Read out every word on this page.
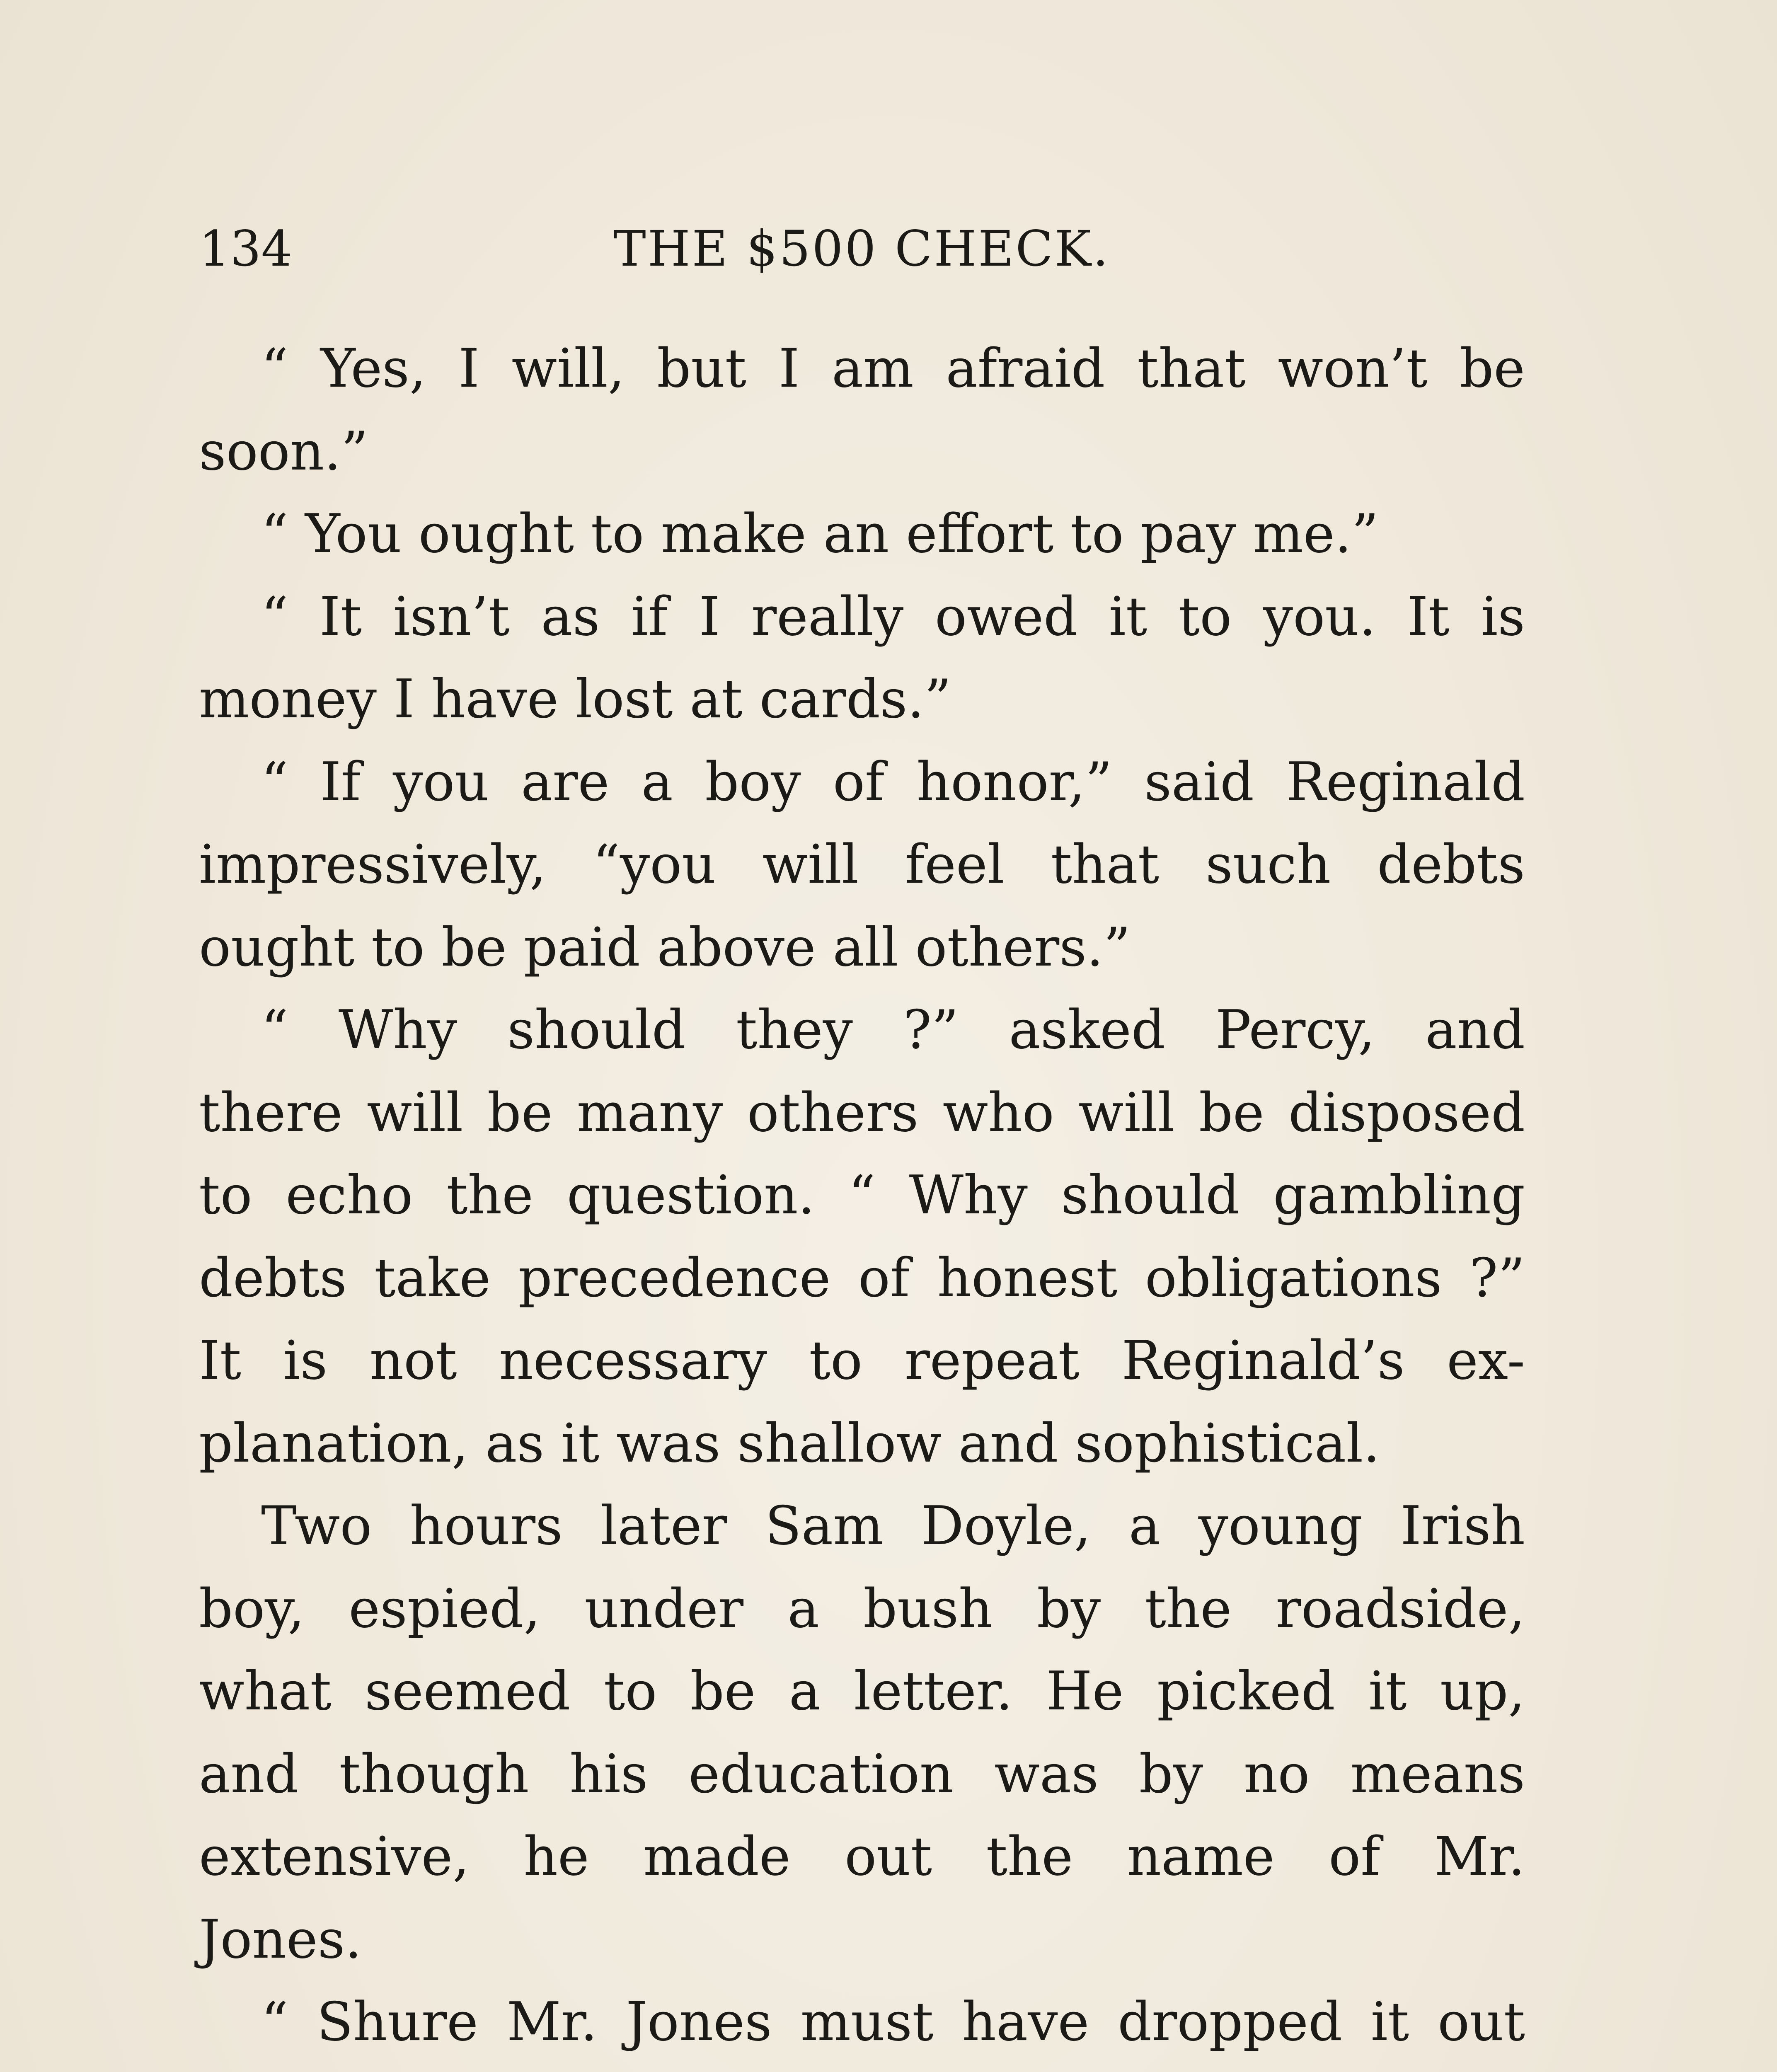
134	THE $500 CHECK.
“ Yes, I will, but I am afraid that won’t be
soon.”
“ You ought to make an effort to pay me.”
“ It isn’t as if I really owed it to you. It is
money I have lost at cards.”
“ If you are a boy of honor,” said Reginald
impressively, “you will feel that such debts
ought to be paid above all others.”
“ Why should they ?” asked Percy, and
there will be many others who will be disposed
to echo the question. “ Why should gambling
debts take precedence of honest obligations ?”
It is not necessary to repeat Reginald’s ex-
planation, as it was shallow and sophistical.
Two hours later Sam Doyle, a young Irish
boy, espied, under a bush by the roadside,
what seemed to be a letter. He picked it up,
and though his education was by no means
extensive, he made out the name of Mr.
Jones.
“ Shure Mr. Jones must have dropped it out
